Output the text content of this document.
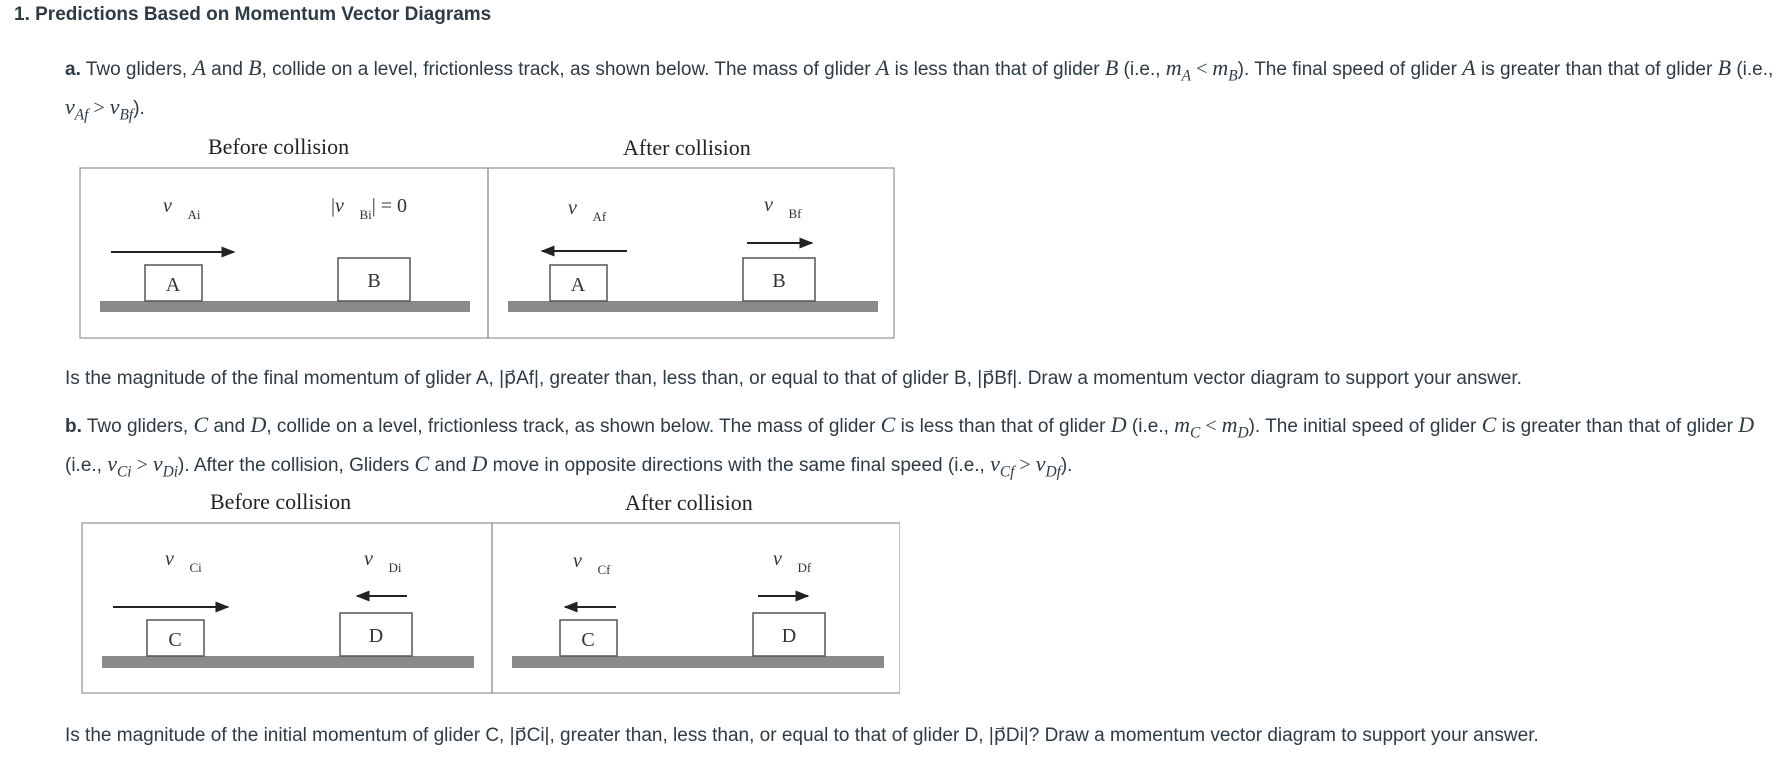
1. Predictions Based on Momentum Vector Diagrams
a. Two gliders, A and B, collide on a level, frictionless track, as shown below. The mass of glider A is less than that of glider B (i.e., $m_A < m_B$). The final speed of glider A is greater than that of glider B (i.e., $v_{Af} > v_{Bf}$).
Before collision	After collision
A	B	A	B
$v⃗_{Ai}$	$|v⃗_{Bi}| = 0$	$v⃗_{Af}$
$v⃗_{Bf}$
Is the magnitude of the final momentum of glider A, |p⃗Af|, greater than, less than, or equal to that of glider B, |p⃗Bf|. Draw a momentum vector diagram to support your answer.
b. Two gliders, C and D, collide on a level, frictionless track, as shown below. The mass of glider C is less than that of glider D (i.e., $m_C < m_D$). The initial speed of glider C is greater than that of glider D (i.e., $v_{Ci} > v_{Di}$). After the collision, Gliders C and D move in opposite directions with the same final speed (i.e., $v_{Cf} > v_{Df}$).
Before collision	After collision
C	D	C	D
$v⃗_{Ci}$	$v⃗_{Di}$	$v⃗_{Cf}$	$v⃗_{Df}$
Is the magnitude of the initial momentum of glider C, |p⃗Ci|, greater than, less than, or equal to that of glider D, |p⃗Di|? Draw a momentum vector diagram to support your answer.
